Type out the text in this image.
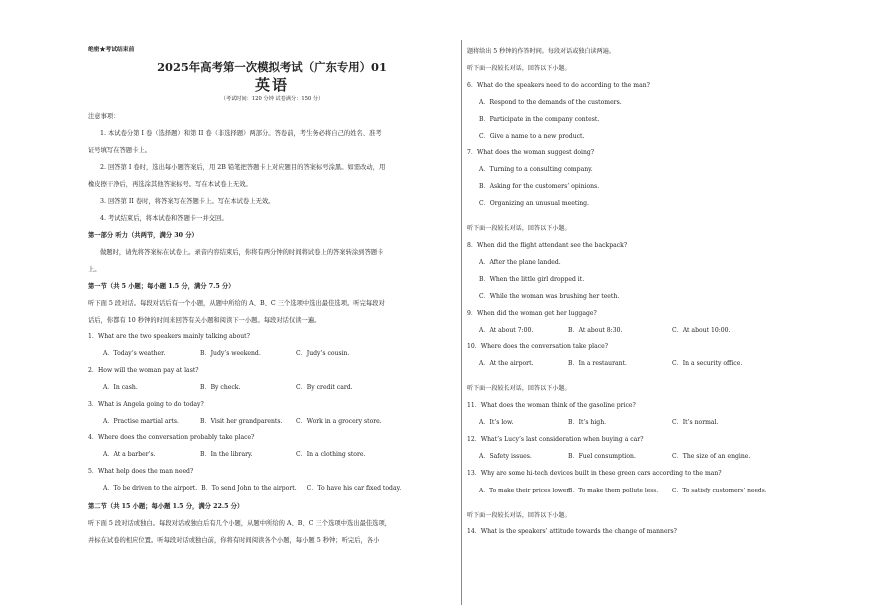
绝密★考试结束前
2025年高考第一次模拟考试（广东专用）01
英语
（考试时间：120 分钟 试卷满分：150 分）
注意事项：
1. 本试卷分第 I 卷（选择题）和第 II 卷（非选择题）两部分。答卷前，考生务必将自己的姓名、准考
证号填写在答题卡上。
2. 回答第 I 卷时，选出每小题答案后，用 2B 铅笔把答题卡上对应题目的答案标号涂黑。如需改动，用
橡皮擦干净后，再选涂其他答案标号。写在本试卷上无效。
3. 回答第 II 卷时，将答案写在答题卡上。写在本试卷上无效。
4. 考试结束后，将本试卷和答题卡一并交回。
第一部分 听力（共两节，满分 30 分）
做题时，请先将答案标在试卷上。录音内容结束后，你将有两分钟的时间将试卷上的答案转涂到答题卡
上。
第一节（共 5 小题；每小题 1.5 分，满分 7.5 分）
听下面 5 段对话。每段对话后有一个小题，从题中所给的 A、B、C 三个选项中选出最佳选项。听完每段对
话后，你都有 10 秒钟的时间来回答有关小题和阅读下一小题。每段对话仅读一遍。
1．What are the two speakers mainly talking about?
A．Today’s weather.	B．Judy’s weekend.	C．Judy’s cousin.
2．How will the woman pay at last?
A．In cash.	B．By check.	C．By credit card.
3．What is Angela going to do today?
A．Practise martial arts.	B．Visit her grandparents.	C．Work in a grocery store.
4．Where does the conversation probably take place?
A．At a barber’s.	B．In the library.	C．In a clothing store.
5．What help does the man need?
A．To be driven to the airport. B．To send John to the airport. C．To have his car fixed today.
第二节（共 15 小题；每小题 1.5 分，满分 22.5 分）
听下面 5 段对话或独白。每段对话或独白后有几个小题，从题中所给的 A、B、C 三个选项中选出最佳选项，
并标在试卷的相应位置。听每段对话或独白前，你将有时间阅读各个小题，每小题 5 秒钟；听完后，各小
题将给出 5 秒钟的作答时间。每段对话或独白读两遍。
听下面一段较长对话，回答以下小题。
6．What do the speakers need to do according to the man?
A．Respond to the demands of the customers.
B．Participate in the company contest.
C．Give a name to a new product.
7．What does the woman suggest doing?
A．Turning to a consulting company.
B．Asking for the customers’ opinions.
C．Organizing an unusual meeting.
听下面一段较长对话，回答以下小题。
8．When did the flight attendant see the backpack?
A．After the plane landed.
B．When the little girl dropped it.
C．While the woman was brushing her teeth.
9．When did the woman get her luggage?
A．At about 7:00.	B．At about 8:30.	C．At about 10:00.
10．Where does the conversation take place?
A．At the airport.	B．In a restaurant.	C．In a security office.
听下面一段较长对话，回答以下小题。
11．What does the woman think of the gasoline price?
A．It’s low.	B．It’s high.	C．It’s normal.
12．What’s Lucy’s last consideration when buying a car?
A．Safety issues.	B．Fuel consumption.	C．The size of an engine.
13．Why are some hi-tech devices built in these green cars according to the man?
A．To make their prices lower.
B．To make them pollute less.	C．To satisfy customers’ needs.
听下面一段较长对话，回答以下小题。
14．What is the speakers’ attitude towards the change of manners?
